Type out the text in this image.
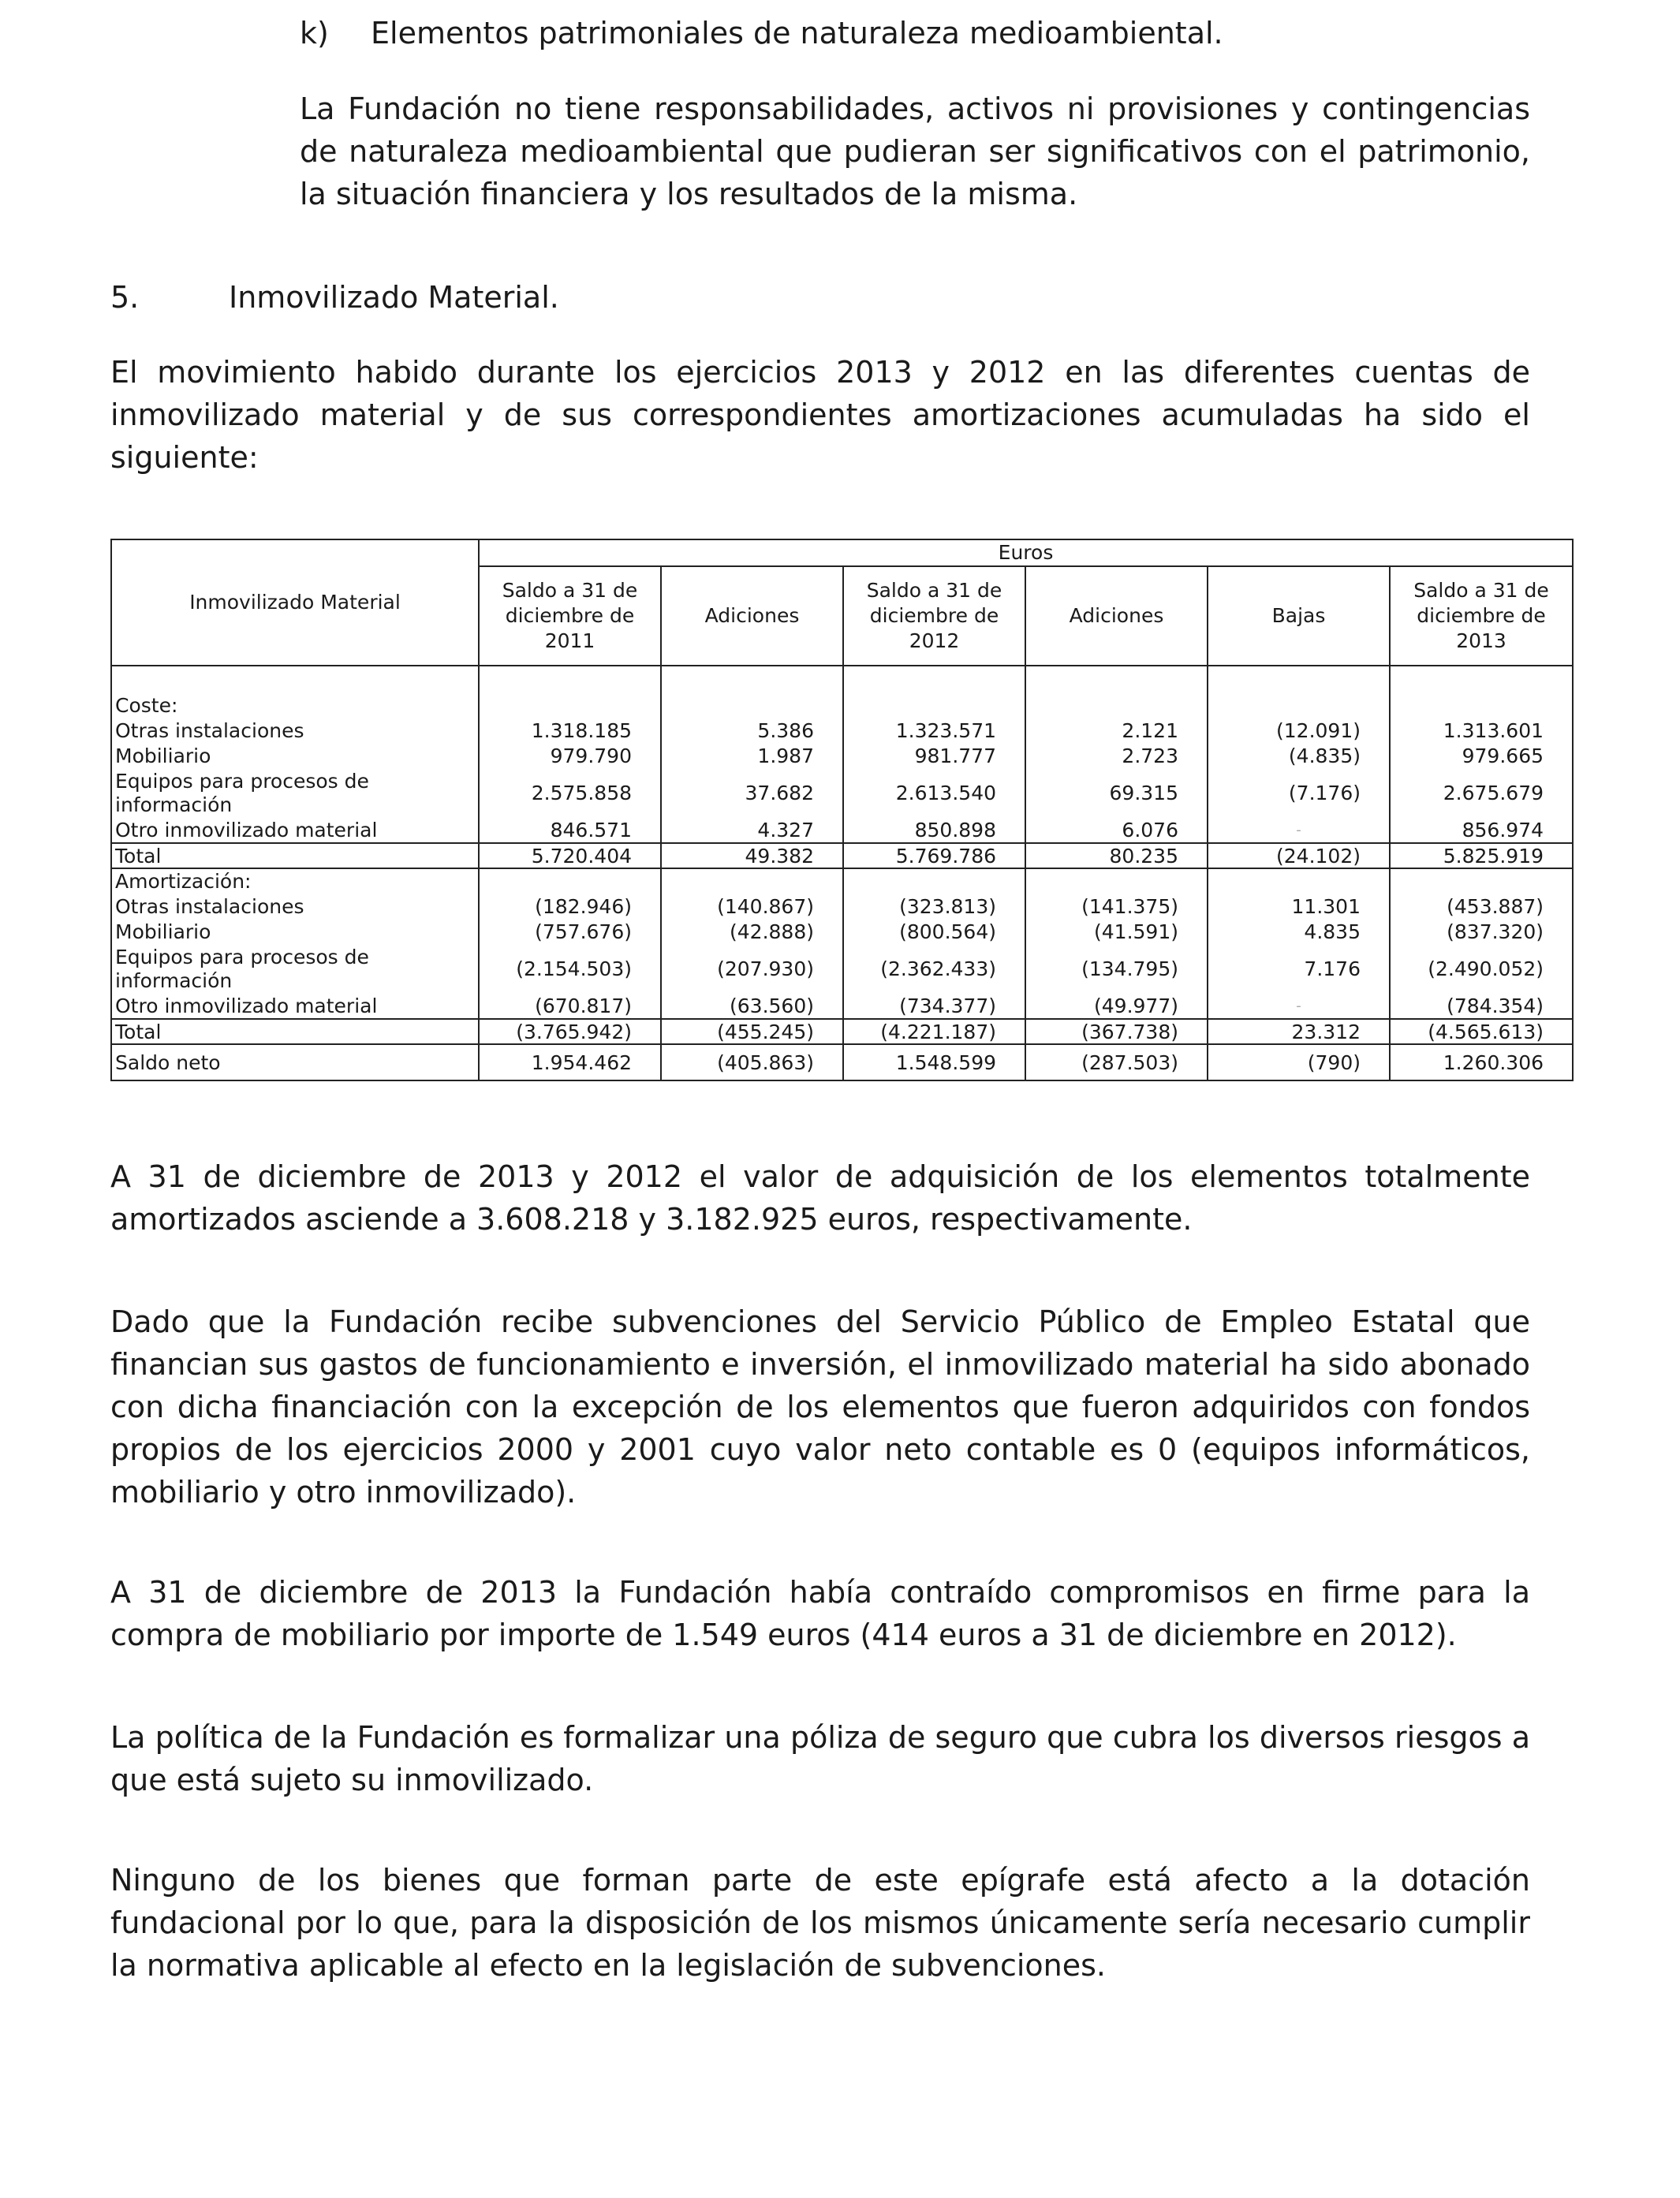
k) Elementos patrimoniales de naturaleza medioambiental.

La Fundación no tiene responsabilidades, activos ni provisiones y contingencias de naturaleza medioambiental que pudieran ser significativos con el patrimonio, la situación financiera y los resultados de la misma.

5.	Inmovilizado Material.

El movimiento habido durante los ejercicios 2013 y 2012 en las diferentes cuentas de inmovilizado material y de sus correspondientes amortizaciones acumuladas ha sido el siguiente:

Inmovilizado Material	Euros					
	Saldo a 31 de diciembre de 2011	Adiciones	Saldo a 31 de diciembre de 2012	Adiciones	Bajas	Saldo a 31 de diciembre de 2013

Coste:						
Otras instalaciones	1.318.185	5.386	1.323.571	2.121	(12.091)	1.313.601
Mobiliario	979.790	1.987	981.777	2.723	(4.835)	979.665
Equipos para procesos de información	2.575.858	37.682	2.613.540	69.315	(7.176)	2.675.679
Otro inmovilizado material	846.571	4.327	850.898	6.076	-	856.974
Total	5.720.404	49.382	5.769.786	80.235	(24.102)	5.825.919
Amortización:						
Otras instalaciones	(182.946)	(140.867)	(323.813)	(141.375)	11.301	(453.887)
Mobiliario	(757.676)	(42.888)	(800.564)	(41.591)	4.835	(837.320)
Equipos para procesos de información	(2.154.503)	(207.930)	(2.362.433)	(134.795)	7.176	(2.490.052)
Otro inmovilizado material	(670.817)	(63.560)	(734.377)	(49.977)	-	(784.354)
Total	(3.765.942)	(455.245)	(4.221.187)	(367.738)	23.312	(4.565.613)
Saldo neto	1.954.462	(405.863)	1.548.599	(287.503)	(790)	1.260.306

A 31 de diciembre de 2013 y 2012 el valor de adquisición de los elementos totalmente amortizados asciende a 3.608.218 y 3.182.925 euros, respectivamente.

Dado que la Fundación recibe subvenciones del Servicio Público de Empleo Estatal que financian sus gastos de funcionamiento e inversión, el inmovilizado material ha sido abonado con dicha financiación con la excepción de los elementos que fueron adquiridos con fondos propios de los ejercicios 2000 y 2001 cuyo valor neto contable es 0 (equipos informáticos, mobiliario y otro inmovilizado).

A 31 de diciembre de 2013 la Fundación había contraído compromisos en firme para la compra de mobiliario por importe de 1.549 euros (414 euros a 31 de diciembre en 2012).

La política de la Fundación es formalizar una póliza de seguro que cubra los diversos riesgos a que está sujeto su inmovilizado.

Ninguno de los bienes que forman parte de este epígrafe está afecto a la dotación fundacional por lo que, para la disposición de los mismos únicamente sería necesario cumplir la normativa aplicable al efecto en la legislación de subvenciones.
